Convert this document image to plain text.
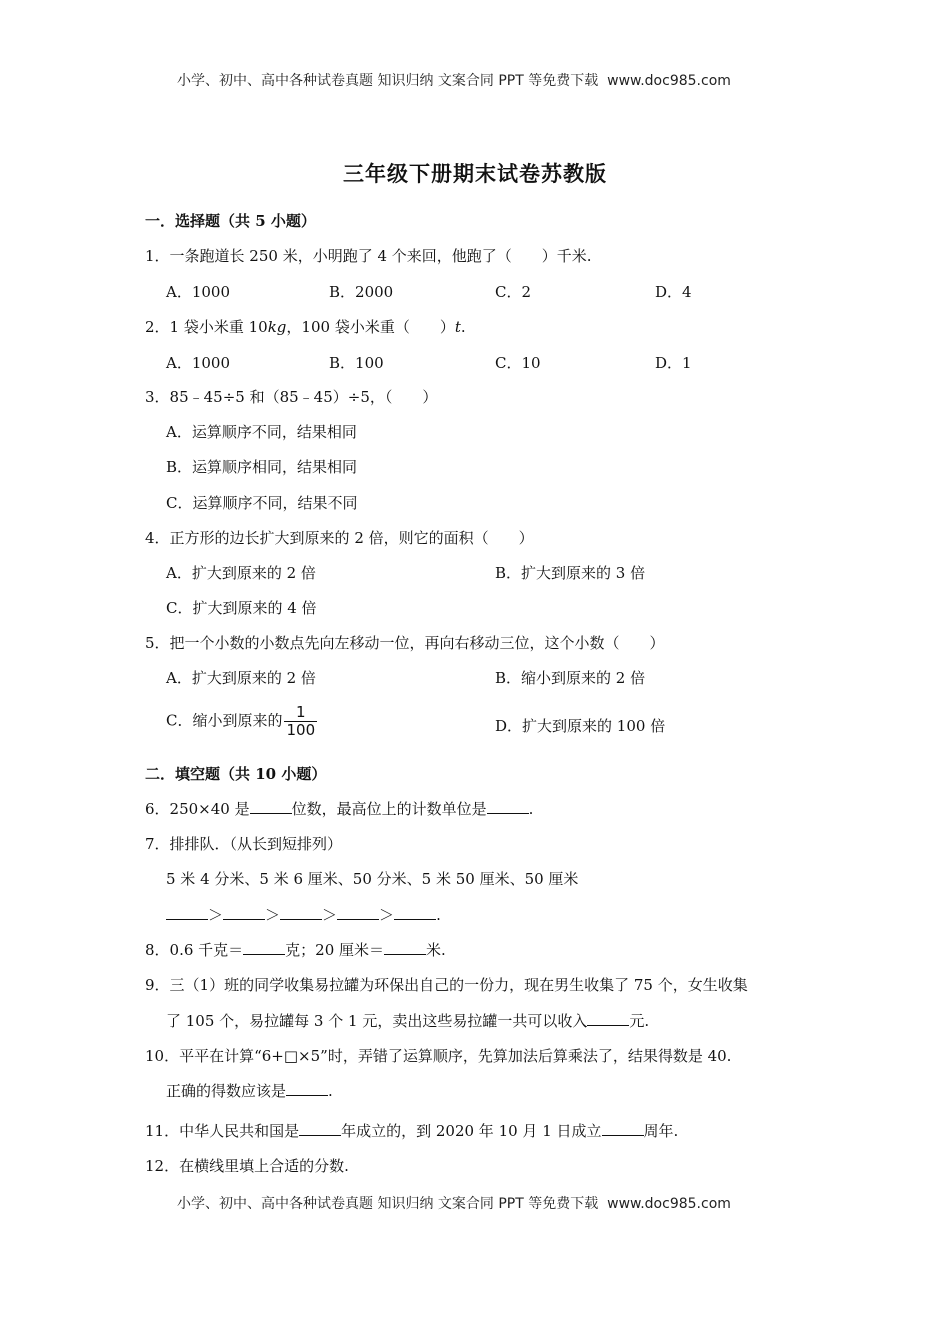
小学、初中、高中各种试卷真题 知识归纳 文案合同 PPT 等免费下载 www.doc985.com
三年级下册期末试卷苏教版
一．选择题（共 5 小题）
1．一条跑道长 250 米，小明跑了 4 个来回，他跑了（　　）千米.
A．1000	B．2000	C．2	D．4
2．1 袋小米重 10kg，100 袋小米重（　　）t.
A．1000	B．100	C．10	D．1
3．85﹣45÷5 和（85﹣45）÷5，（　　）
A．运算顺序不同，结果相同
B．运算顺序相同，结果相同
C．运算顺序不同，结果不同
4．正方形的边长扩大到原来的 2 倍，则它的面积（　　）
A．扩大到原来的 2 倍	B．扩大到原来的 3 倍
C．扩大到原来的 4 倍
5．把一个小数的小数点先向左移动一位，再向右移动三位，这个小数（　　）
A．扩大到原来的 2 倍	B．缩小到原来的 2 倍
C．缩小到原来的 $\frac{1}{100}$	D．扩大到原来的 100 倍
二．填空题（共 10 小题）
6．250×40 是	位数，最高位上的计数单位是	.
7．排排队．（从长到短排列）
5 米 4 分米、5 米 6 厘米、50 分米、5 米 50 厘米、50 厘米
＞	＞	＞	＞	.
8．0.6 千克＝	克；20 厘米＝	米.
9．三（1）班的同学收集易拉罐为环保出自己的一份力，现在男生收集了 75 个，女生收集
了 105 个，易拉罐每 3 个 1 元，卖出这些易拉罐一共可以收入	元.
10．平平在计算“6+□×5”时，弄错了运算顺序，先算加法后算乘法了，结果得数是 40.
正确的得数应该是	.
11．中华人民共和国是	年成立的，到 2020 年 10 月 1 日成立	周年.
12．在横线里填上合适的分数.
小学、初中、高中各种试卷真题 知识归纳 文案合同 PPT 等免费下载 www.doc985.com
